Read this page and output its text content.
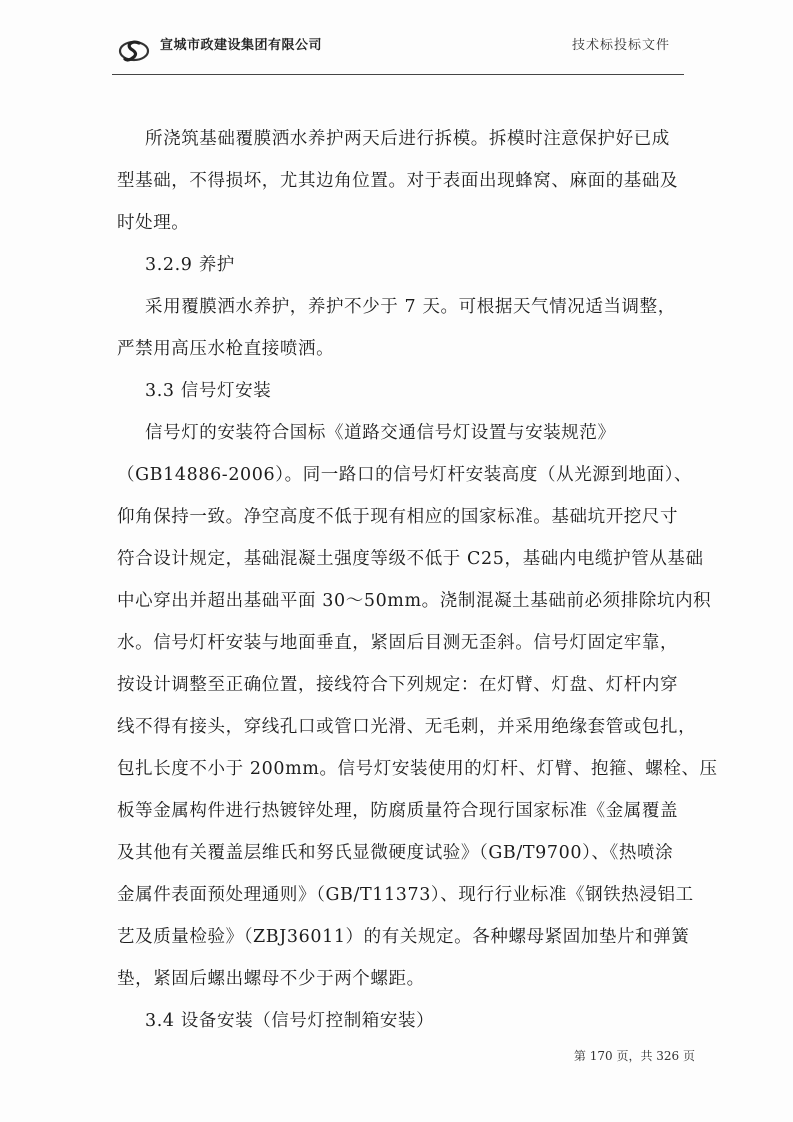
宣城市政建设集团有限公司	技术标投标文件
所浇筑基础覆膜洒水养护两天后进行拆模。拆模时注意保护好已成
型基础，不得损坏，尤其边角位置。对于表面出现蜂窝、麻面的基础及
时处理。
3.2.9 养护
采用覆膜洒水养护，养护不少于 7 天。可根据天气情况适当调整，
严禁用高压水枪直接喷洒。
3.3 信号灯安装
信号灯的安装符合国标《道路交通信号灯设置与安装规范》
（GB14886-2006）。同一路口的信号灯杆安装高度（从光源到地面）、
仰角保持一致。净空高度不低于现有相应的国家标准。基础坑开挖尺寸
符合设计规定，基础混凝土强度等级不低于 C25，基础内电缆护管从基础
中心穿出并超出基础平面 30～50mm。浇制混凝土基础前必须排除坑内积
水。信号灯杆安装与地面垂直，紧固后目测无歪斜。信号灯固定牢靠，
按设计调整至正确位置，接线符合下列规定：在灯臂、灯盘、灯杆内穿
线不得有接头，穿线孔口或管口光滑、无毛刺，并采用绝缘套管或包扎，
包扎长度不小于 200mm。信号灯安装使用的灯杆、灯臂、抱箍、螺栓、压
板等金属构件进行热镀锌处理，防腐质量符合现行国家标准《金属覆盖
及其他有关覆盖层维氏和努氏显微硬度试验》（GB/T9700）、《热喷涂
金属件表面预处理通则》（GB/T11373）、现行行业标准《钢铁热浸铝工
艺及质量检验》（ZBJ36011）的有关规定。各种螺母紧固加垫片和弹簧
垫，紧固后螺出螺母不少于两个螺距。
3.4 设备安装（信号灯控制箱安装）
第 170 页，共 326 页
